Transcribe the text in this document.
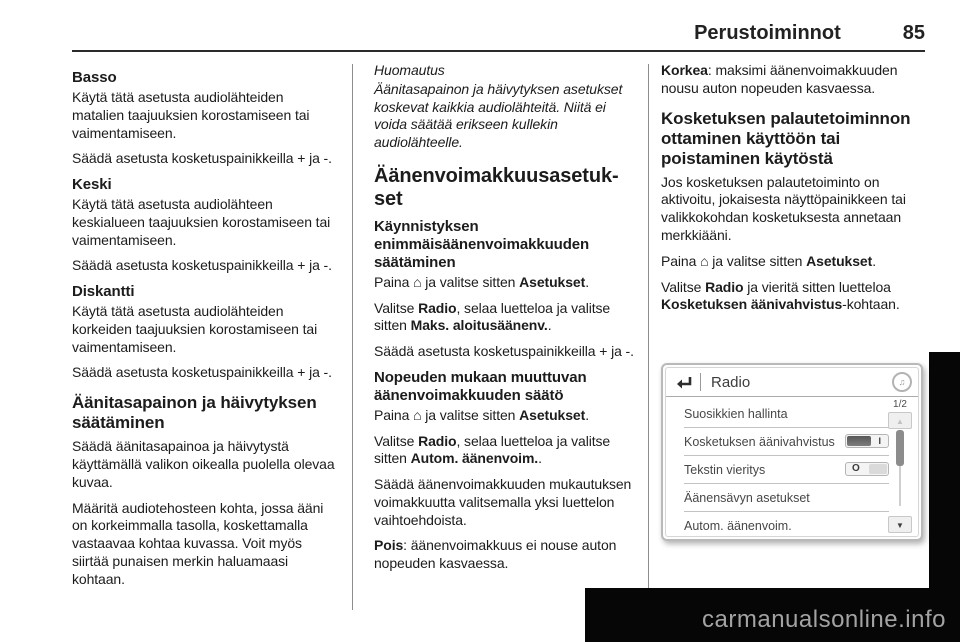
Perustoiminnot	85
Basso
Käytä tätä asetusta audiolähteiden matalien taajuuksien korostamiseen tai vaimentamiseen.
Säädä asetusta kosketuspainikkeilla + ja -.
Keski
Käytä tätä asetusta audiolähteen keskialueen taajuuksien korostamiseen tai vaimentamiseen.
Säädä asetusta kosketuspainikkeilla + ja -.
Diskantti
Käytä tätä asetusta audiolähteiden korkeiden taajuuksien korostamiseen tai vaimentamiseen.
Säädä asetusta kosketuspainikkeilla + ja -.
Äänitasapainon ja häivytyksen säätäminen
Säädä äänitasapainoa ja häivytystä käyttämällä valikon oikealla puolella olevaa kuvaa.
Määritä audiotehosteen kohta, jossa ääni on korkeimmalla tasolla, koskettamalla vastaavaa kohtaa kuvassa. Voit myös siirtää punaisen merkin haluamaasi kohtaan.
Huomautus
Äänitasapainon ja häivytyksen asetukset koskevat kaikkia audiolähteitä. Niitä ei voida säätää erikseen kullekin audiolähteelle.
Äänenvoimakkuusasetukset
Käynnistyksen enimmäisäänenvoimakkuuden säätäminen
Paina ⌂ ja valitse sitten Asetukset.
Valitse Radio, selaa luetteloa ja valitse sitten Maks. aloitusäänenv..
Säädä asetusta kosketuspainikkeilla + ja -.
Nopeuden mukaan muuttuvan äänenvoimakkuuden säätö
Paina ⌂ ja valitse sitten Asetukset.
Valitse Radio, selaa luetteloa ja valitse sitten Autom. äänenvoim..
Säädä äänenvoimakkuuden mukautuksen voimakkuutta valitsemalla yksi luettelon vaihtoehdoista.
Pois: äänenvoimakkuus ei nouse auton nopeuden kasvaessa.
Korkea: maksimi äänenvoimakkuuden nousu auton nopeuden kasvaessa.
Kosketuksen palautetoiminnon ottaminen käyttöön tai poistaminen käytöstä
Jos kosketuksen palautetoiminto on aktivoitu, jokaisesta näyttöpainikkeen tai valikkokohdan kosketuksesta annetaan merkkiääni.
Paina ⌂ ja valitse sitten Asetukset.
Valitse Radio ja vieritä sitten luetteloa Kosketuksen äänivahvistus-kohtaan.
Radio	♫
Suosikkien hallinta
Kosketuksen äänivahvistus	I
Tekstin vieritys	O
Äänensävyn asetukset
Autom. äänenvoim.
1/2
▲
▼
carmanualsonline.info
